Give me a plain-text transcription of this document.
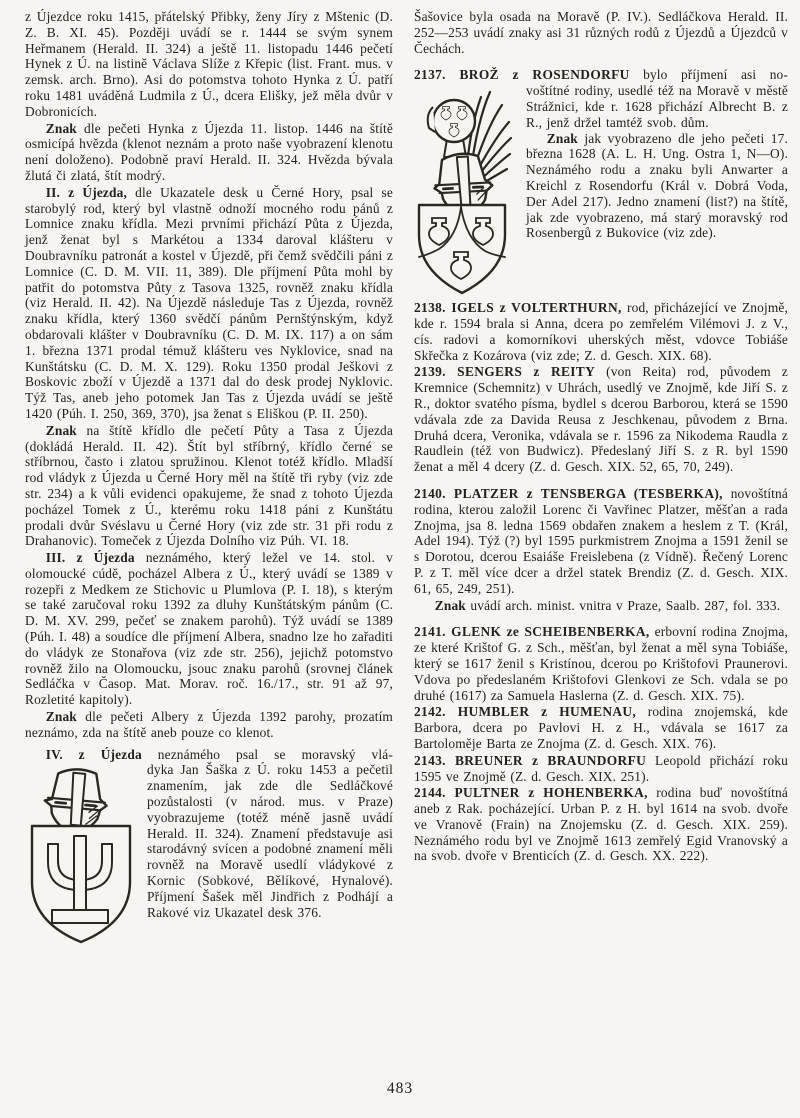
z Újezdce roku 1415, přátelský Přibky, ženy Jíry z Mštenic (D. Z. B. XI. 45). Později uvádí se r. 1444 se svým synem Heřmanem (Herald. II. 324) a ještě 11. listopadu 1446 pečetí Hynek z Ú. na listině Václava Slíže z Křepic (list. Frant. mus. v zemsk. arch. Brno). Asi do potomstva tohoto Hynka z Ú. patří roku 1481 uváděná Ludmila z Ú., dcera Elišky, jež měla dvůr v Dobronicích.

Znak dle pečeti Hynka z Újezda 11. listop. 1446 na štítě osmicípá hvězda (klenot neznám a proto naše vyobrazení klenotu není doloženo). Podobně praví Herald. II. 324. Hvězda bývala žlutá či zlatá, štít modrý.

II. z Újezda, dle Ukazatele desk u Černé Hory, psal se starobylý rod, který byl vlastně odnoží mocného rodu pánů z Lomnice znaku křídla. Mezi prvními přichází Půta z Újezda, jenž ženat byl s Markétou a 1334 daroval klášteru v Doubravníku patronát a kostel v Újezdě, při čemž svědčili páni z Lomnice (C. D. M. VII. 11, 389). Dle příjmení Půta mohl by patřit do potomstva Půty z Tasova 1325, rovněž znaku křídla (viz Herald. II. 42). Na Újezdě následuje Tas z Újezda, rovněž znaku křídla, který 1360 svědčí pánům Pernštýnským, když obdarovali klášter v Doubravníku (C. D. M. IX. 117) a on sám 1. března 1371 prodal témuž klášteru ves Nyklovice, snad na Kunštátsku (C. D. M. X. 129). Roku 1350 prodal Ješkovi z Boskovic zboží v Újezdě a 1371 dal do desk prodej Nyklovic. Týž Tas, aneb jeho potomek Jan Tas z Újezda uvádí se ještě 1420 (Púh. I. 250, 369, 370), jsa ženat s Eliškou (P. II. 250).

Znak na štítě křídlo dle pečetí Půty a Tasa z Újezda (dokládá Herald. II. 42). Štít byl stříbrný, křídlo černé se stříbrnou, často i zlatou spružinou. Klenot totéž křídlo. Mladší rod vládyk z Újezda u Černé Hory měl na štítě tři ryby (viz zde str. 234) a k vůli evidenci opakujeme, že snad z tohoto Újezda pocházel Tomek z Ú., kterému roku 1418 páni z Kunštátu prodali dvůr Svéslavu u Černé Hory (viz zde str. 31 při rodu z Drahanovic). Tomeček z Újezda Dolního viz Púh. VI. 18.

III. z Újezda neznámého, který ležel ve 14. stol. v olomoucké cúdě, pocházel Albera z Ú., který uvádí se 1389 v rozepři z Medkem ze Stichovic u Plumlova (P. I. 18), s kterým se také zaručoval roku 1392 za dluhy Kunštátským pánům (C. D. M. XV. 299, pečeť se znakem parohů). Týž uvádí se 1389 (Púh. I. 48) a soudíce dle příjmení Albera, snadno lze ho zařaditi do vládyk ze Stonařova (viz zde str. 256), jejichž potomstvo rovněž žilo na Olomoucku, jsouc znaku parohů (srovnej článek Sedláčka v Časop. Mat. Morav. roč. 16./17., str. 91 až 97, Rozletité kapitoly).

Znak dle pečeti Albery z Újezda 1392 parohy, prozatím neznámo, zda na štítě aneb pouze co klenot.

IV. z Újezda neznámého psal se moravský vlá-
dyka Jan Šaška z Ú. roku 1453 a pečetil znamením, jak zde dle Sedláčkové pozůstalosti (v národ. mus. v Praze) vyobrazujeme (totéž méně jasně uvádí Herald. II. 324). Znamení představuje asi starodávný svícen a podobné znamení měli rovněž na Moravě usedlí vládykové z Kornic (Sobkové, Bělíkové, Hynalové). Příjmení Šašek měl Jindřich z Podhájí a Rakové viz Ukazatel desk 376.

Šašovice byla osada na Moravě (P. IV.). Sedláčkova Herald. II. 252—253 uvádí znaky asi 31 různých rodů z Újezdů a Újezdců v Čechách.

2137. BROŽ z ROSENDORFU bylo příjmení asi no-
voštítné rodiny, usedlé též na Moravě v městě Strážnici, kde r. 1628 přichází Albrecht B. z R., jenž držel tamtéž svob. dům.

Znak jak vyobrazeno dle jeho pečeti 17. března 1628 (A. L. H. Ung. Ostra 1, N—O). Neznámého rodu a znaku byli Anwarter a Kreichl z Rosendorfu (Král v. Dobrá Voda, Der Adel 217). Jedno znamení (list?) na štítě, jak zde vyobrazeno, má starý moravský rod Rosenbergů z Bukovice (viz zde).

2138. IGELS z VOLTERTHURN, rod, přicházející ve Znojmě, kde r. 1594 brala si Anna, dcera po zemřelém Vilémovi J. z V., cís. radovi a komorníkovi uherských měst, vdovce Tobiáše Skřečka z Kozárova (viz zde; Z. d. Gesch. XIX. 68).

2139. SENGERS z REITY (von Reita) rod, původem z Kremnice (Schemnitz) v Uhrách, usedlý ve Znojmě, kde Jiří S. z R., doktor svatého písma, bydlel s dcerou Barborou, která se 1590 vdávala zde za Davida Reusa z Jeschkenau, původem z Brna. Druhá dcera, Veronika, vdávala se r. 1596 za Nikodema Raudla z Raudlein (též von Budwicz). Předeslaný Jiří S. z R. byl 1590 ženat a měl 4 dcery (Z. d. Gesch. XIX. 52, 65, 70, 249).

2140. PLATZER z TENSBERGA (TESBERKA), novoštítná rodina, kterou založil Lorenc či Vavřinec Platzer, měšťan a rada Znojma, jsa 8. ledna 1569 obdařen znakem a heslem z T. (Král, Adel 194). Týž (?) byl 1595 purkmistrem Znojma a 1591 ženil se s Dorotou, dcerou Esaiáše Freislebena (z Vídně). Řečený Lorenc P. z T. měl více dcer a držel statek Brendiz (Z. d. Gesch. XIX. 61, 65, 249, 251).

Znak uvádí arch. minist. vnitra v Praze, Saalb. 287, fol. 333.

2141. GLENK ze SCHEIBENBERKA, erbovní rodina Znojma, ze které Krištof G. z Sch., měšťan, byl ženat a měl syna Tobiáše, který se 1617 ženil s Kristínou, dcerou po Krištofovi Praunerovi. Vdova po předeslaném Krištofovi Glenkovi ze Sch. vdala se po druhé (1617) za Samuela Haslerna (Z. d. Gesch. XIX. 75).

2142. HUMBLER z HUMENAU, rodina znojemská, kde Barbora, dcera po Pavlovi H. z H., vdávala se 1617 za Bartoloměje Barta ze Znojma (Z. d. Gesch. XIX. 76).

2143. BREUNER z BRAUNDORFU Leopold přichází roku 1595 ve Znojmě (Z. d. Gesch. XIX. 251).

2144. PULTNER z HOHENBERKA, rodina buď novoštítná aneb z Rak. pocházející. Urban P. z H. byl 1614 na svob. dvoře ve Vranově (Frain) na Znojemsku (Z. d. Gesch. XIX. 259). Neznámého rodu byl ve Znojmě 1613 zemřelý Egid Vranovský a na svob. dvoře v Brenticích (Z. d. Gesch. XX. 222).

483
